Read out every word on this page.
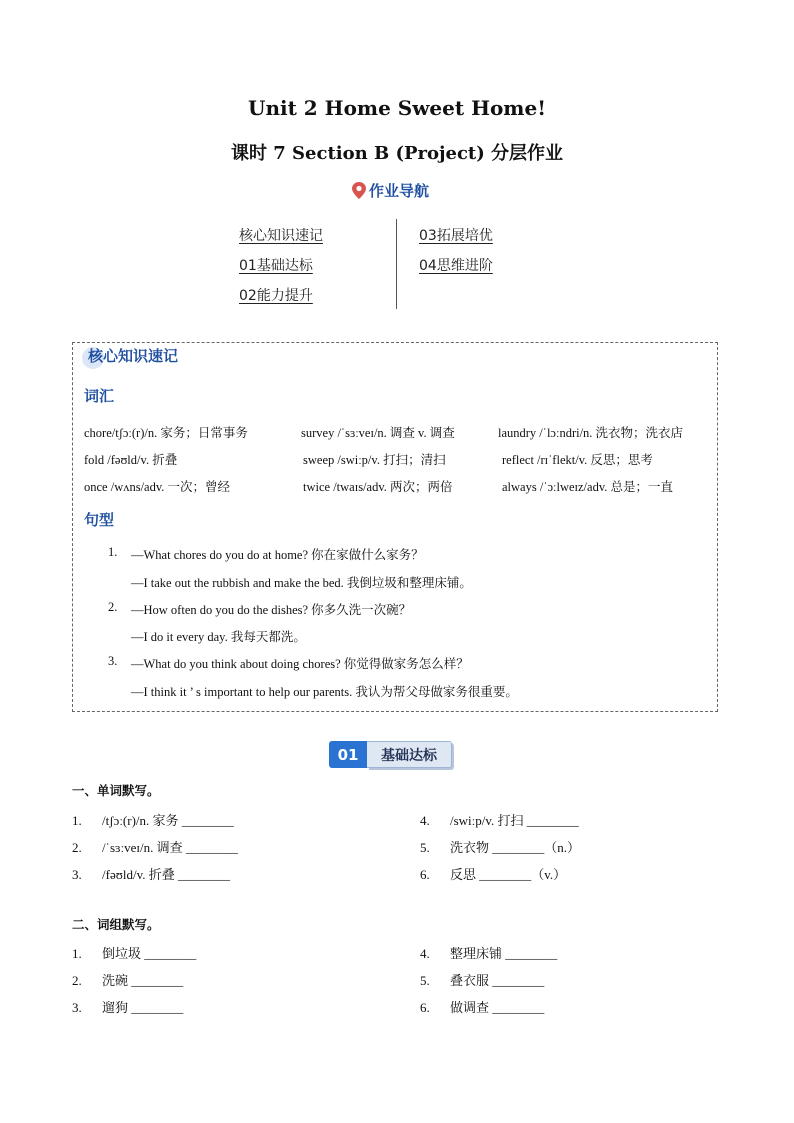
Unit 2 Home Sweet Home!
课时 7 Section B (Project) 分层作业
作业导航
核心知识速记
01基础达标
02能力提升
03拓展培优
04思维进阶
核心知识速记
词汇
chore/tʃɔː(r)/n. 家务；日常事务	survey /ˈsɜːveɪ/n. 调查 v. 调查	laundry /ˈlɔːndri/n. 洗衣物；洗衣店
fold /fəʊld/v. 折叠	sweep /swiːp/v. 打扫；清扫	reflect /rɪˈflekt/v. 反思；思考
once /wʌns/adv. 一次；曾经	twice /twaɪs/adv. 两次；两倍	always /ˈɔːlweɪz/adv. 总是；一直
句型
1. —What chores do you do at home? 你在家做什么家务？
—I take out the rubbish and make the bed. 我倒垃圾和整理床铺。
2. —How often do you do the dishes? 你多久洗一次碗？
—I do it every day. 我每天都洗。
3. —What do you think about doing chores? 你觉得做家务怎么样？
—I think it ’ s important to help our parents. 我认为帮父母做家务很重要。
01	基础达标
一、单词默写。
1. /tʃɔː(r)/n. 家务 ________
2. /ˈsɜːveɪ/n. 调查 ________
3. /fəʊld/v. 折叠 ________
4. /swiːp/v. 打扫 ________
5. 洗衣物 ________（n.）
6. 反思 ________（v.）
二、词组默写。
1. 倒垃圾 ________
2. 洗碗 ________
3. 遛狗 ________
4. 整理床铺 ________
5. 叠衣服 ________
6. 做调查 ________
